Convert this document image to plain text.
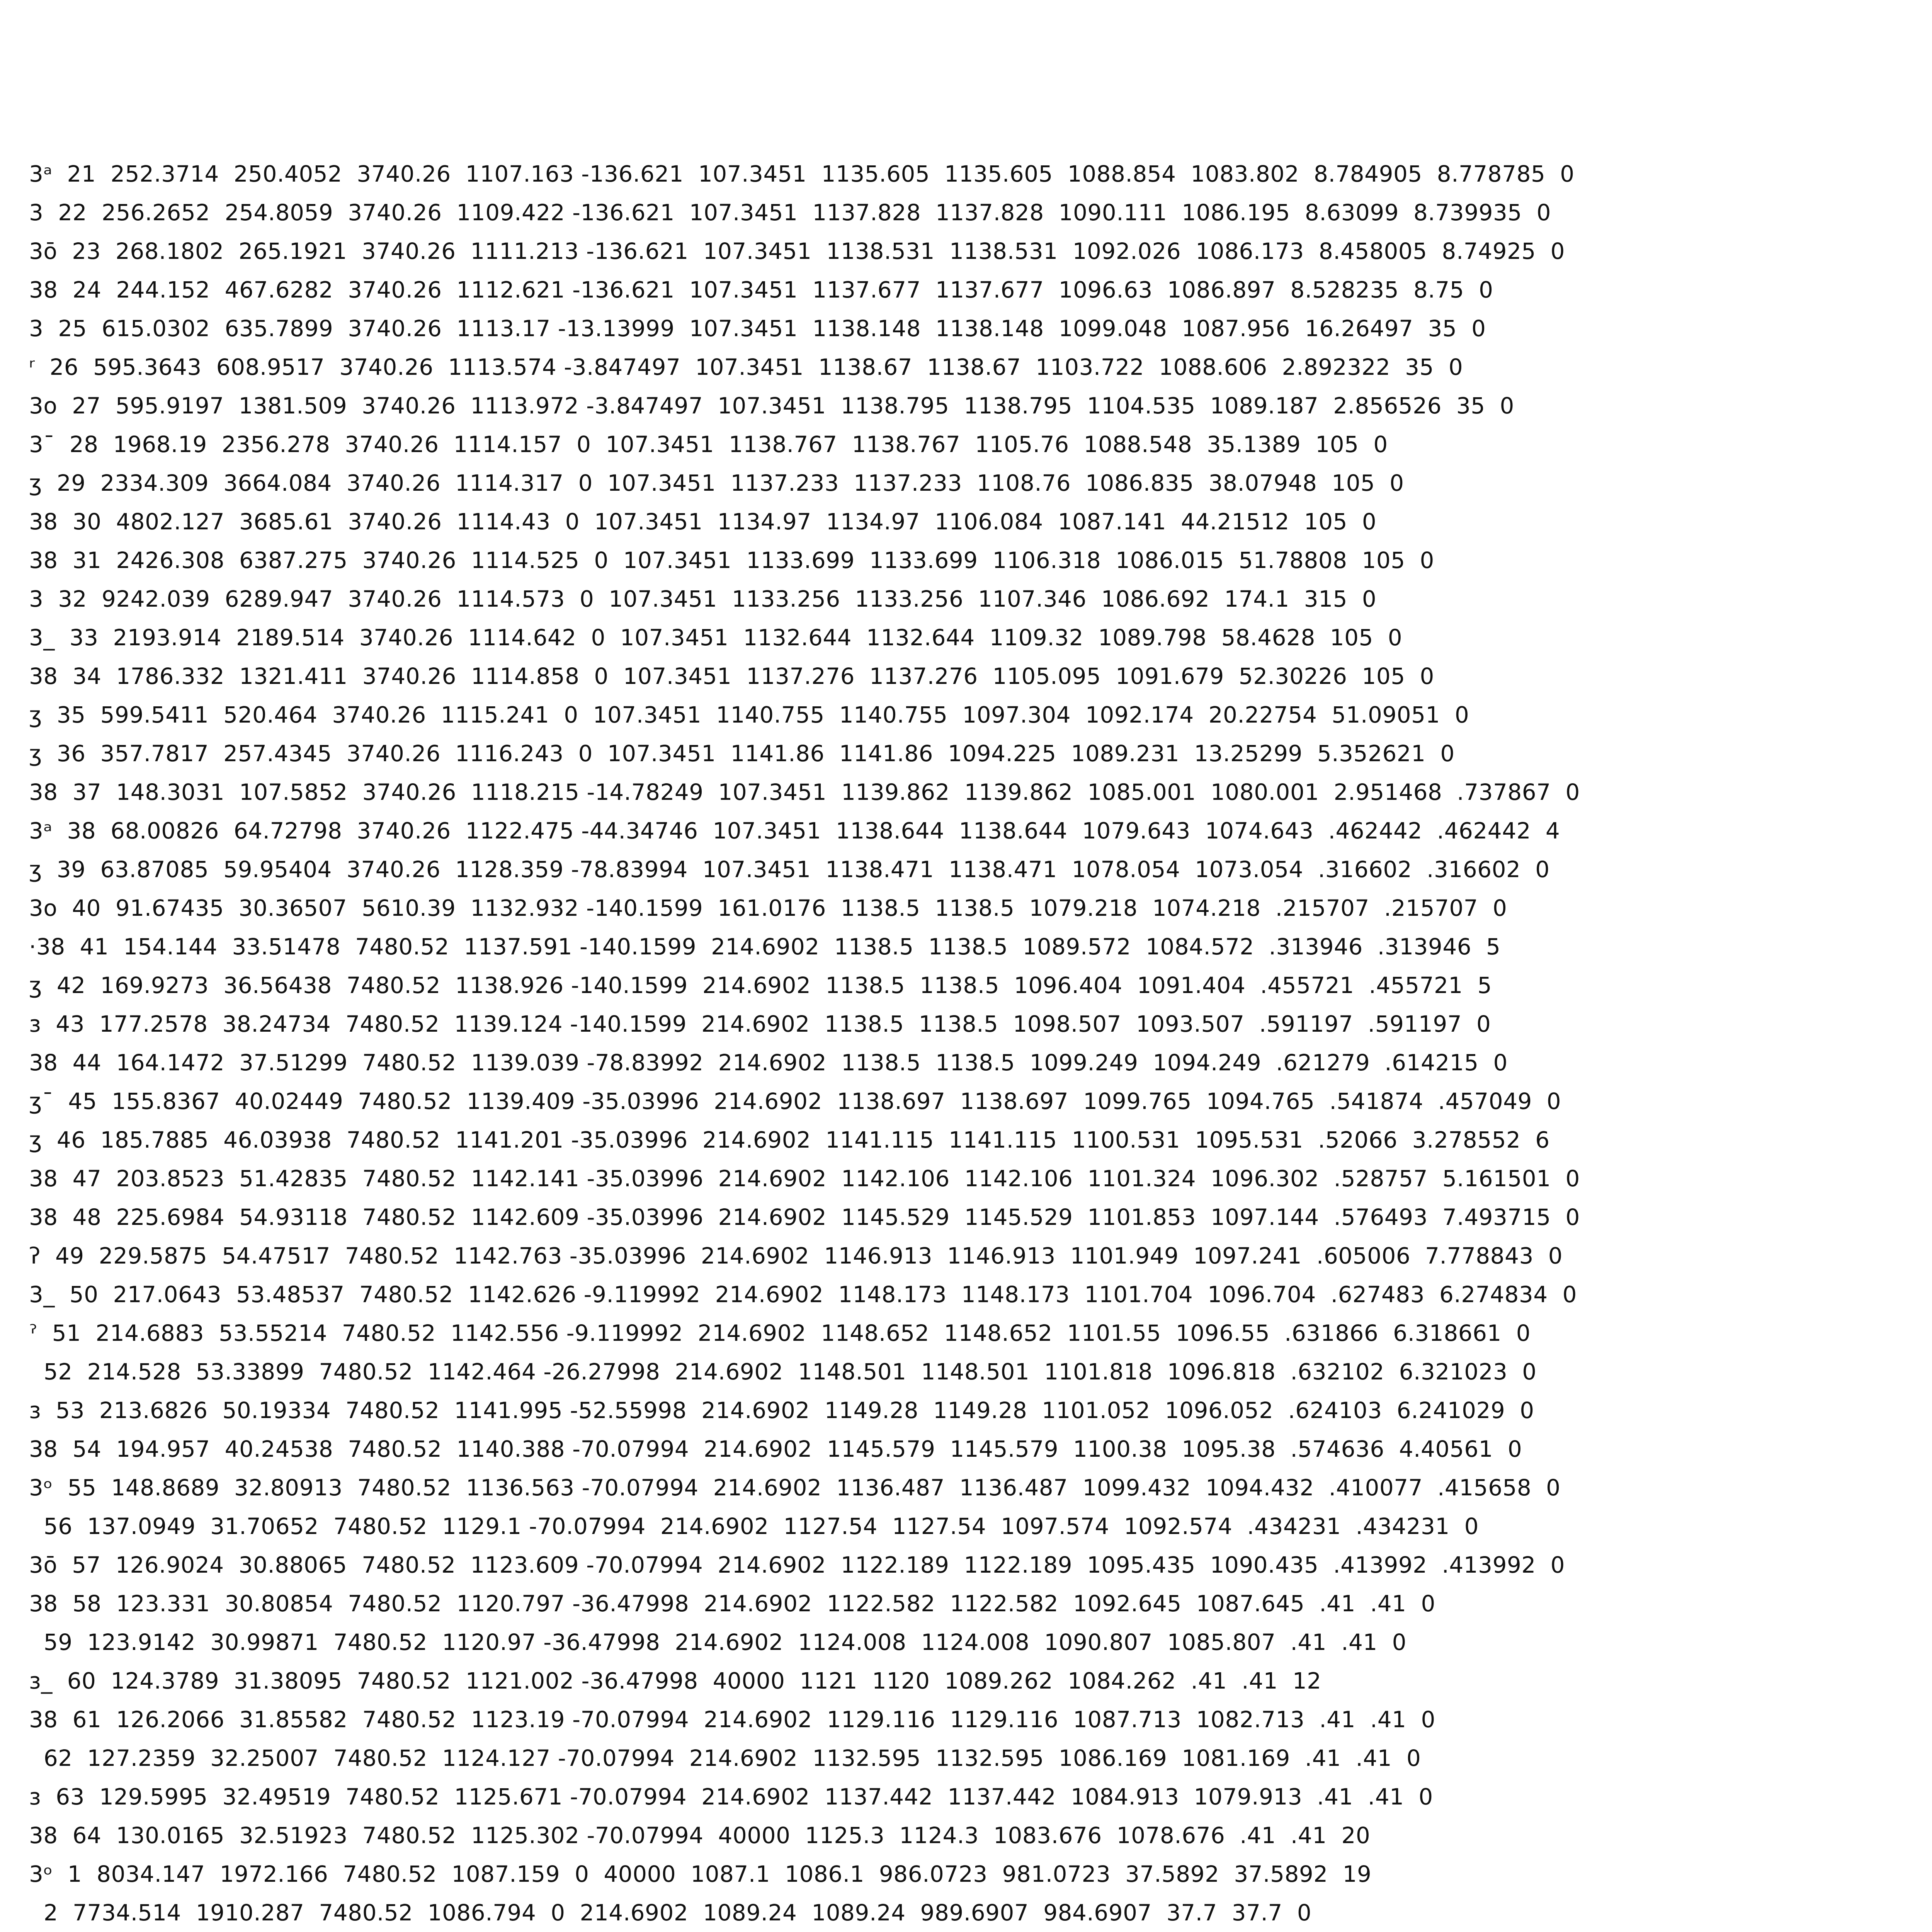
3ᵃ  21  252.3714  250.4052  3740.26  1107.163 -136.621  107.3451  1135.605  1135.605  1088.854  1083.802  8.784905  8.778785  0
3  22  256.2652  254.8059  3740.26  1109.422 -136.621  107.3451  1137.828  1137.828  1090.111  1086.195  8.63099  8.739935  0
3ō  23  268.1802  265.1921  3740.26  1111.213 -136.621  107.3451  1138.531  1138.531  1092.026  1086.173  8.458005  8.74925  0
38  24  244.152  467.6282  3740.26  1112.621 -136.621  107.3451  1137.677  1137.677  1096.63  1086.897  8.528235  8.75  0
3  25  615.0302  635.7899  3740.26  1113.17 -13.13999  107.3451  1138.148  1138.148  1099.048  1087.956  16.26497  35  0
ʳ  26  595.3643  608.9517  3740.26  1113.574 -3.847497  107.3451  1138.67  1138.67  1103.722  1088.606  2.892322  35  0
3o  27  595.9197  1381.509  3740.26  1113.972 -3.847497  107.3451  1138.795  1138.795  1104.535  1089.187  2.856526  35  0
3ˉ  28  1968.19  2356.278  3740.26  1114.157  0  107.3451  1138.767  1138.767  1105.76  1088.548  35.1389  105  0
ʒ  29  2334.309  3664.084  3740.26  1114.317  0  107.3451  1137.233  1137.233  1108.76  1086.835  38.07948  105  0
38  30  4802.127  3685.61  3740.26  1114.43  0  107.3451  1134.97  1134.97  1106.084  1087.141  44.21512  105  0
38  31  2426.308  6387.275  3740.26  1114.525  0  107.3451  1133.699  1133.699  1106.318  1086.015  51.78808  105  0
3  32  9242.039  6289.947  3740.26  1114.573  0  107.3451  1133.256  1133.256  1107.346  1086.692  174.1  315  0
3_  33  2193.914  2189.514  3740.26  1114.642  0  107.3451  1132.644  1132.644  1109.32  1089.798  58.4628  105  0
38  34  1786.332  1321.411  3740.26  1114.858  0  107.3451  1137.276  1137.276  1105.095  1091.679  52.30226  105  0
ʒ  35  599.5411  520.464  3740.26  1115.241  0  107.3451  1140.755  1140.755  1097.304  1092.174  20.22754  51.09051  0
ʒ  36  357.7817  257.4345  3740.26  1116.243  0  107.3451  1141.86  1141.86  1094.225  1089.231  13.25299  5.352621  0
38  37  148.3031  107.5852  3740.26  1118.215 -14.78249  107.3451  1139.862  1139.862  1085.001  1080.001  2.951468  .737867  0
3ᵃ  38  68.00826  64.72798  3740.26  1122.475 -44.34746  107.3451  1138.644  1138.644  1079.643  1074.643  .462442  .462442  4
ʒ  39  63.87085  59.95404  3740.26  1128.359 -78.83994  107.3451  1138.471  1138.471  1078.054  1073.054  .316602  .316602  0
3o  40  91.67435  30.36507  5610.39  1132.932 -140.1599  161.0176  1138.5  1138.5  1079.218  1074.218  .215707  .215707  0
·38  41  154.144  33.51478  7480.52  1137.591 -140.1599  214.6902  1138.5  1138.5  1089.572  1084.572  .313946  .313946  5
ʒ  42  169.9273  36.56438  7480.52  1138.926 -140.1599  214.6902  1138.5  1138.5  1096.404  1091.404  .455721  .455721  5
ɜ  43  177.2578  38.24734  7480.52  1139.124 -140.1599  214.6902  1138.5  1138.5  1098.507  1093.507  .591197  .591197  0
38  44  164.1472  37.51299  7480.52  1139.039 -78.83992  214.6902  1138.5  1138.5  1099.249  1094.249  .621279  .614215  0
ʒˉ  45  155.8367  40.02449  7480.52  1139.409 -35.03996  214.6902  1138.697  1138.697  1099.765  1094.765  .541874  .457049  0
ʒ  46  185.7885  46.03938  7480.52  1141.201 -35.03996  214.6902  1141.115  1141.115  1100.531  1095.531  .52066  3.278552  6
38  47  203.8523  51.42835  7480.52  1142.141 -35.03996  214.6902  1142.106  1142.106  1101.324  1096.302  .528757  5.161501  0
38  48  225.6984  54.93118  7480.52  1142.609 -35.03996  214.6902  1145.529  1145.529  1101.853  1097.144  .576493  7.493715  0
ʔ  49  229.5875  54.47517  7480.52  1142.763 -35.03996  214.6902  1146.913  1146.913  1101.949  1097.241  .605006  7.778843  0
3_  50  217.0643  53.48537  7480.52  1142.626 -9.119992  214.6902  1148.173  1148.173  1101.704  1096.704  .627483  6.274834  0
ˀ  51  214.6883  53.55214  7480.52  1142.556 -9.119992  214.6902  1148.652  1148.652  1101.55  1096.55  .631866  6.318661  0
52  214.528  53.33899  7480.52  1142.464 -26.27998  214.6902  1148.501  1148.501  1101.818  1096.818  .632102  6.321023  0
ɜ  53  213.6826  50.19334  7480.52  1141.995 -52.55998  214.6902  1149.28  1149.28  1101.052  1096.052  .624103  6.241029  0
38  54  194.957  40.24538  7480.52  1140.388 -70.07994  214.6902  1145.579  1145.579  1100.38  1095.38  .574636  4.40561  0
3ᵒ  55  148.8689  32.80913  7480.52  1136.563 -70.07994  214.6902  1136.487  1136.487  1099.432  1094.432  .410077  .415658  0
56  137.0949  31.70652  7480.52  1129.1 -70.07994  214.6902  1127.54  1127.54  1097.574  1092.574  .434231  .434231  0
3ō  57  126.9024  30.88065  7480.52  1123.609 -70.07994  214.6902  1122.189  1122.189  1095.435  1090.435  .413992  .413992  0
38  58  123.331  30.80854  7480.52  1120.797 -36.47998  214.6902  1122.582  1122.582  1092.645  1087.645  .41  .41  0
59  123.9142  30.99871  7480.52  1120.97 -36.47998  214.6902  1124.008  1124.008  1090.807  1085.807  .41  .41  0
ɜ_  60  124.3789  31.38095  7480.52  1121.002 -36.47998  40000  1121  1120  1089.262  1084.262  .41  .41  12
38  61  126.2066  31.85582  7480.52  1123.19 -70.07994  214.6902  1129.116  1129.116  1087.713  1082.713  .41  .41  0
62  127.2359  32.25007  7480.52  1124.127 -70.07994  214.6902  1132.595  1132.595  1086.169  1081.169  .41  .41  0
ɜ  63  129.5995  32.49519  7480.52  1125.671 -70.07994  214.6902  1137.442  1137.442  1084.913  1079.913  .41  .41  0
38  64  130.0165  32.51923  7480.52  1125.302 -70.07994  40000  1125.3  1124.3  1083.676  1078.676  .41  .41  20
3ᵒ  1  8034.147  1972.166  7480.52  1087.159  0  40000  1087.1  1086.1  986.0723  981.0723  37.5892  37.5892  19
2  7734.514  1910.287  7480.52  1086.794  0  214.6902  1089.24  1089.24  989.6907  984.6907  37.7  37.7  0
